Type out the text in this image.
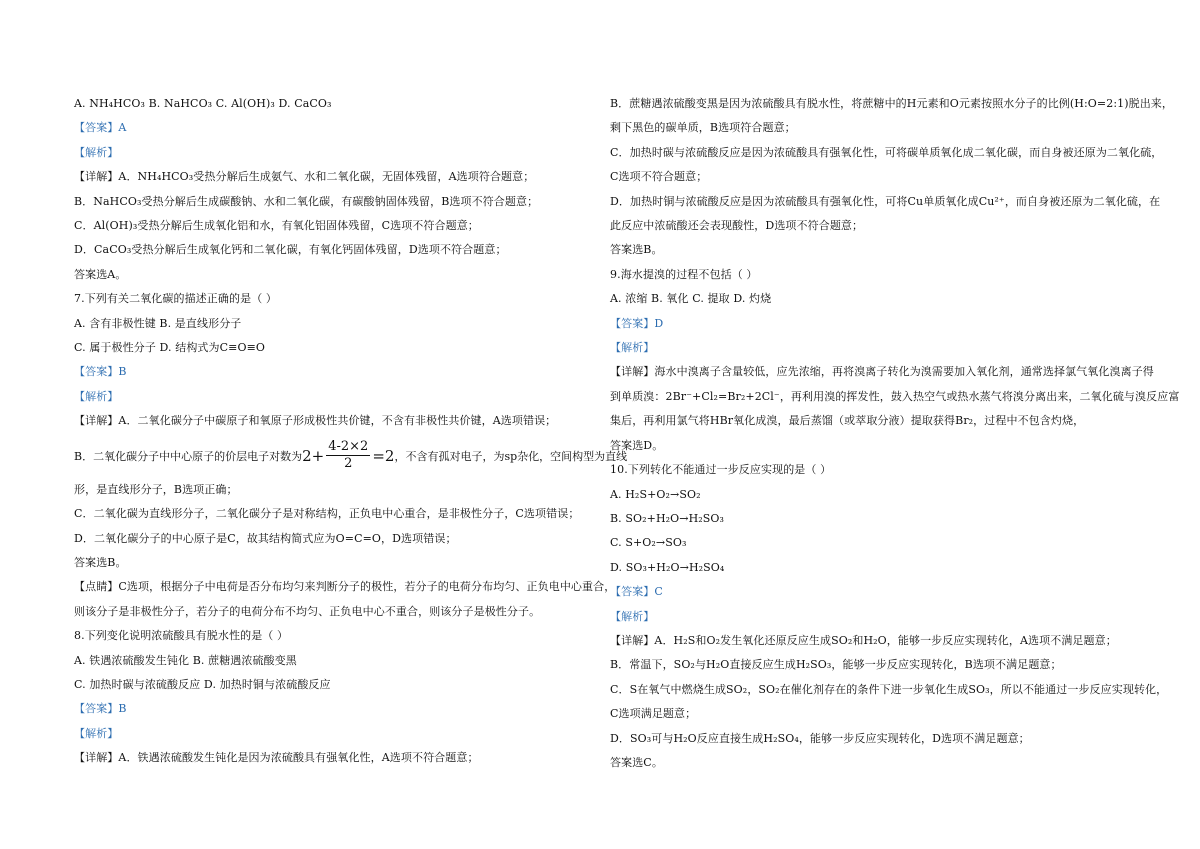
A. NH₄HCO₃ B. NaHCO₃ C. Al(OH)₃ D. CaCO₃
【答案】A
【解析】
【详解】A．NH₄HCO₃受热分解后生成氨气、水和二氧化碳，无固体残留，A选项符合题意；
B．NaHCO₃受热分解后生成碳酸钠、水和二氧化碳，有碳酸钠固体残留，B选项不符合题意；
C．Al(OH)₃受热分解后生成氧化铝和水，有氧化铝固体残留，C选项不符合题意；
D．CaCO₃受热分解后生成氧化钙和二氧化碳，有氧化钙固体残留，D选项不符合题意；
答案选A。
7.下列有关二氧化碳的描述正确的是（ ）
A. 含有非极性键 B. 是直线形分子
C. 属于极性分子 D. 结构式为C≡O≡O
【答案】B
【解析】
【详解】A．二氧化碳分子中碳原子和氧原子形成极性共价键，不含有非极性共价键，A选项错误；
B．二氧化碳分子中中心原子的价层电子对数为 $2+ \frac{4-2\times 2}{2} =2$ ，不含有孤对电子，为sp杂化，空间构型为直线
形，是直线形分子，B选项正确；
C．二氧化碳为直线形分子，二氧化碳分子是对称结构，正负电中心重合，是非极性分子，C选项错误；
D．二氧化碳分子的中心原子是C，故其结构简式应为O=C=O，D选项错误；
答案选B。
【点睛】C选项，根据分子中电荷是否分布均匀来判断分子的极性，若分子的电荷分布均匀、正负电中心重合，
则该分子是非极性分子，若分子的电荷分布不均匀、正负电中心不重合，则该分子是极性分子。
8.下列变化说明浓硫酸具有脱水性的是（ ）
A. 铁遇浓硫酸发生钝化 B. 蔗糖遇浓硫酸变黑
C. 加热时碳与浓硫酸反应 D. 加热时铜与浓硫酸反应
【答案】B
【解析】
【详解】A．铁遇浓硫酸发生钝化是因为浓硫酸具有强氧化性，A选项不符合题意；
B．蔗糖遇浓硫酸变黑是因为浓硫酸具有脱水性，将蔗糖中的H元素和O元素按照水分子的比例(H:O=2:1)脱出来，
剩下黑色的碳单质，B选项符合题意；
C．加热时碳与浓硫酸反应是因为浓硫酸具有强氧化性，可将碳单质氧化成二氧化碳，而自身被还原为二氧化硫，
C选项不符合题意；
D．加热时铜与浓硫酸反应是因为浓硫酸具有强氧化性，可将Cu单质氧化成Cu²⁺，而自身被还原为二氧化硫，在
此反应中浓硫酸还会表现酸性，D选项不符合题意；
答案选B。
9.海水提溴的过程不包括（ ）
A. 浓缩 B. 氧化 C. 提取 D. 灼烧
【答案】D
【解析】
【详解】海水中溴离子含量较低，应先浓缩，再将溴离子转化为溴需要加入氧化剂，通常选择氯气氧化溴离子得
到单质溴：2Br⁻+Cl₂=Br₂+2Cl⁻，再利用溴的挥发性，鼓入热空气或热水蒸气将溴分离出来，二氧化硫与溴反应富
集后，再利用氯气将HBr氧化成溴，最后蒸馏（或萃取分液）提取获得Br₂，过程中不包含灼烧，
答案选D。
10.下列转化不能通过一步反应实现的是（ ）
A. H₂S+O₂→SO₂
B. SO₂+H₂O→H₂SO₃
C. S+O₂→SO₃
D. SO₃+H₂O→H₂SO₄
【答案】C
【解析】
【详解】A．H₂S和O₂发生氧化还原反应生成SO₂和H₂O，能够一步反应实现转化，A选项不满足题意；
B．常温下，SO₂与H₂O直接反应生成H₂SO₃，能够一步反应实现转化，B选项不满足题意；
C．S在氧气中燃烧生成SO₂，SO₂在催化剂存在的条件下进一步氧化生成SO₃，所以不能通过一步反应实现转化，
C选项满足题意；
D．SO₃可与H₂O反应直接生成H₂SO₄，能够一步反应实现转化，D选项不满足题意；
答案选C。
